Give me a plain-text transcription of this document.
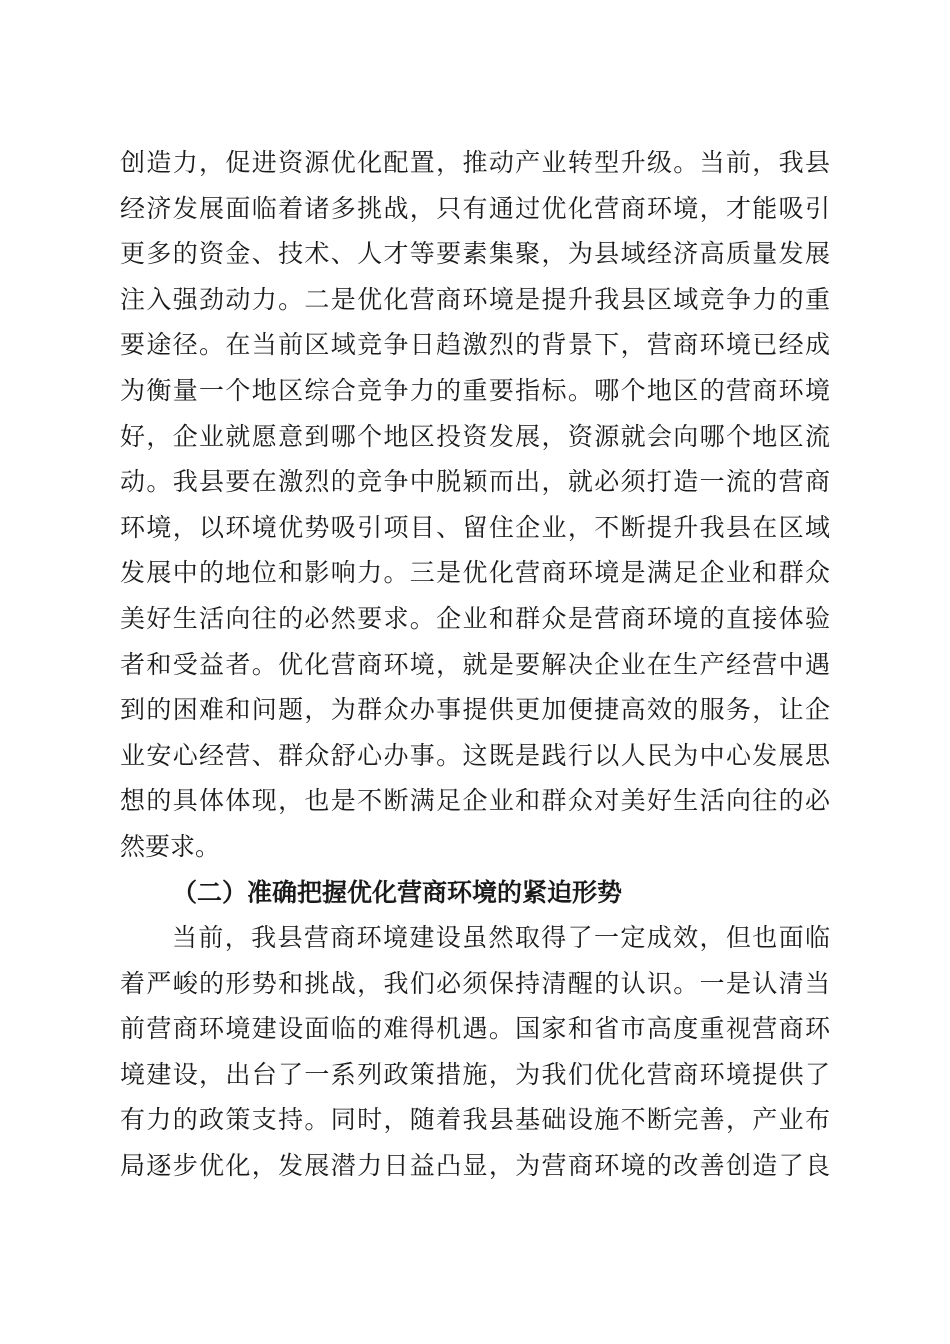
创造力，促进资源优化配置，推动产业转型升级。当前，我县
经济发展面临着诸多挑战，只有通过优化营商环境，才能吸引
更多的资金、技术、人才等要素集聚，为县域经济高质量发展
注入强劲动力。二是优化营商环境是提升我县区域竞争力的重
要途径。在当前区域竞争日趋激烈的背景下，营商环境已经成
为衡量一个地区综合竞争力的重要指标。哪个地区的营商环境
好，企业就愿意到哪个地区投资发展，资源就会向哪个地区流
动。我县要在激烈的竞争中脱颖而出，就必须打造一流的营商
环境，以环境优势吸引项目、留住企业，不断提升我县在区域
发展中的地位和影响力。三是优化营商环境是满足企业和群众
美好生活向往的必然要求。企业和群众是营商环境的直接体验
者和受益者。优化营商环境，就是要解决企业在生产经营中遇
到的困难和问题，为群众办事提供更加便捷高效的服务，让企
业安心经营、群众舒心办事。这既是践行以人民为中心发展思
想的具体体现，也是不断满足企业和群众对美好生活向往的必
然要求。
（二）准确把握优化营商环境的紧迫形势
当前，我县营商环境建设虽然取得了一定成效，但也面临
着严峻的形势和挑战，我们必须保持清醒的认识。一是认清当
前营商环境建设面临的难得机遇。国家和省市高度重视营商环
境建设，出台了一系列政策措施，为我们优化营商环境提供了
有力的政策支持。同时，随着我县基础设施不断完善，产业布
局逐步优化，发展潜力日益凸显，为营商环境的改善创造了良
